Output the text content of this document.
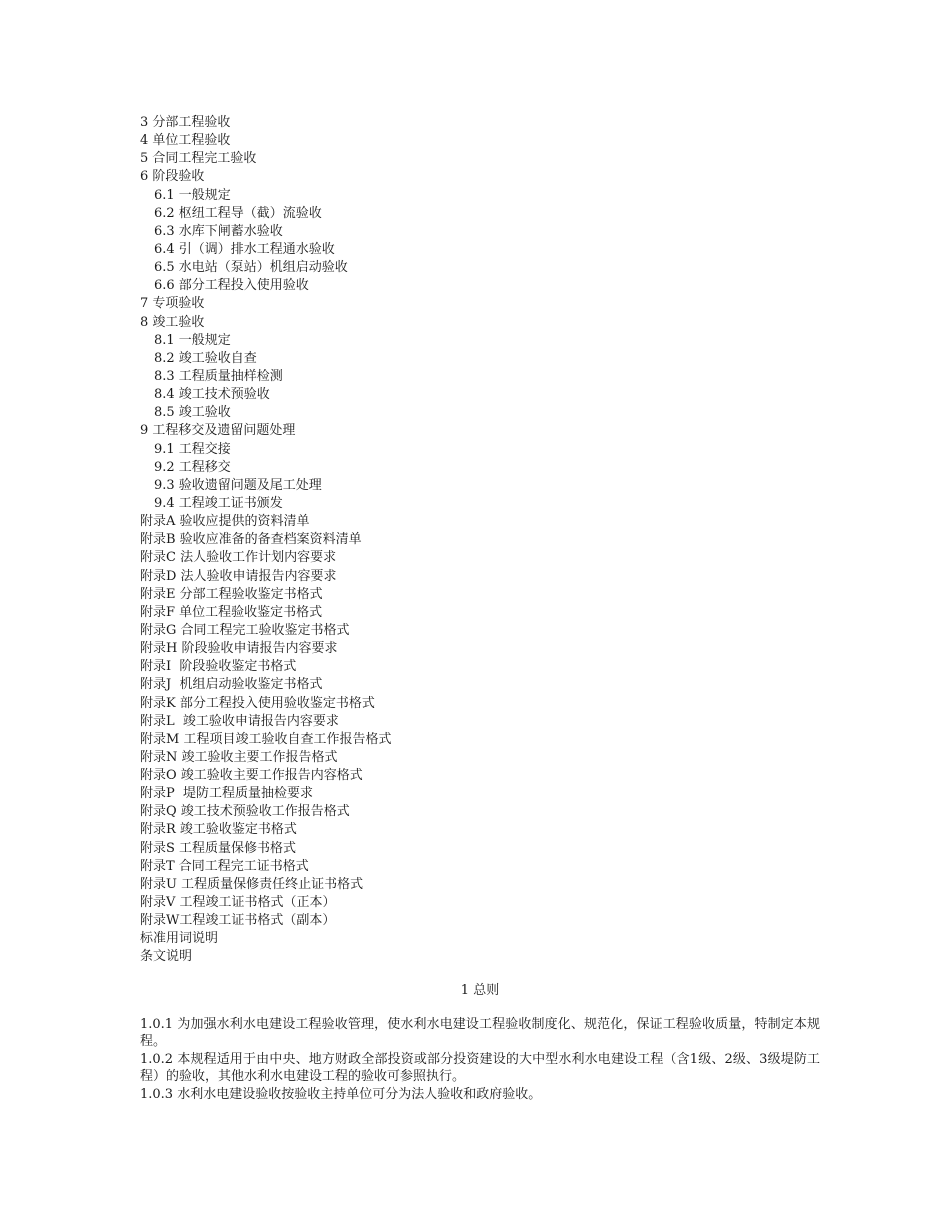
3 分部工程验收
4 单位工程验收
5 合同工程完工验收
6 阶段验收
6.1 一般规定
6.2 枢纽工程导（截）流验收
6.3 水库下闸蓄水验收
6.4 引（调）排水工程通水验收
6.5 水电站（泵站）机组启动验收
6.6 部分工程投入使用验收
7 专项验收
8 竣工验收
8.1 一般规定
8.2 竣工验收自查
8.3 工程质量抽样检测
8.4 竣工技术预验收
8.5 竣工验收
9 工程移交及遗留问题处理
9.1 工程交接
9.2 工程移交
9.3 验收遗留问题及尾工处理
9.4 工程竣工证书颁发
附录A 验收应提供的资料清单
附录B 验收应准备的备查档案资料清单
附录C 法人验收工作计划内容要求
附录D 法人验收申请报告内容要求
附录E 分部工程验收鉴定书格式
附录F 单位工程验收鉴定书格式
附录G 合同工程完工验收鉴定书格式
附录H 阶段验收申请报告内容要求
附录I  阶段验收鉴定书格式
附录J  机组启动验收鉴定书格式
附录K 部分工程投入使用验收鉴定书格式
附录L  竣工验收申请报告内容要求
附录M 工程项目竣工验收自查工作报告格式
附录N 竣工验收主要工作报告格式
附录O 竣工验收主要工作报告内容格式
附录P  堤防工程质量抽检要求
附录Q 竣工技术预验收工作报告格式
附录R 竣工验收鉴定书格式
附录S 工程质量保修书格式
附录T 合同工程完工证书格式
附录U 工程质量保修责任终止证书格式
附录V 工程竣工证书格式（正本）
附录W工程竣工证书格式（副本）
标准用词说明
条文说明
1 总则

1.0.1 为加强水利水电建设工程验收管理，使水利水电建设工程验收制度化、规范化，保证工程验收质量，特制定本规程。

1.0.2 本规程适用于由中央、地方财政全部投资或部分投资建设的大中型水利水电建设工程（含1级、2级、3级堤防工程）的验收，其他水利水电建设工程的验收可参照执行。

1.0.3 水利水电建设验收按验收主持单位可分为法人验收和政府验收。
